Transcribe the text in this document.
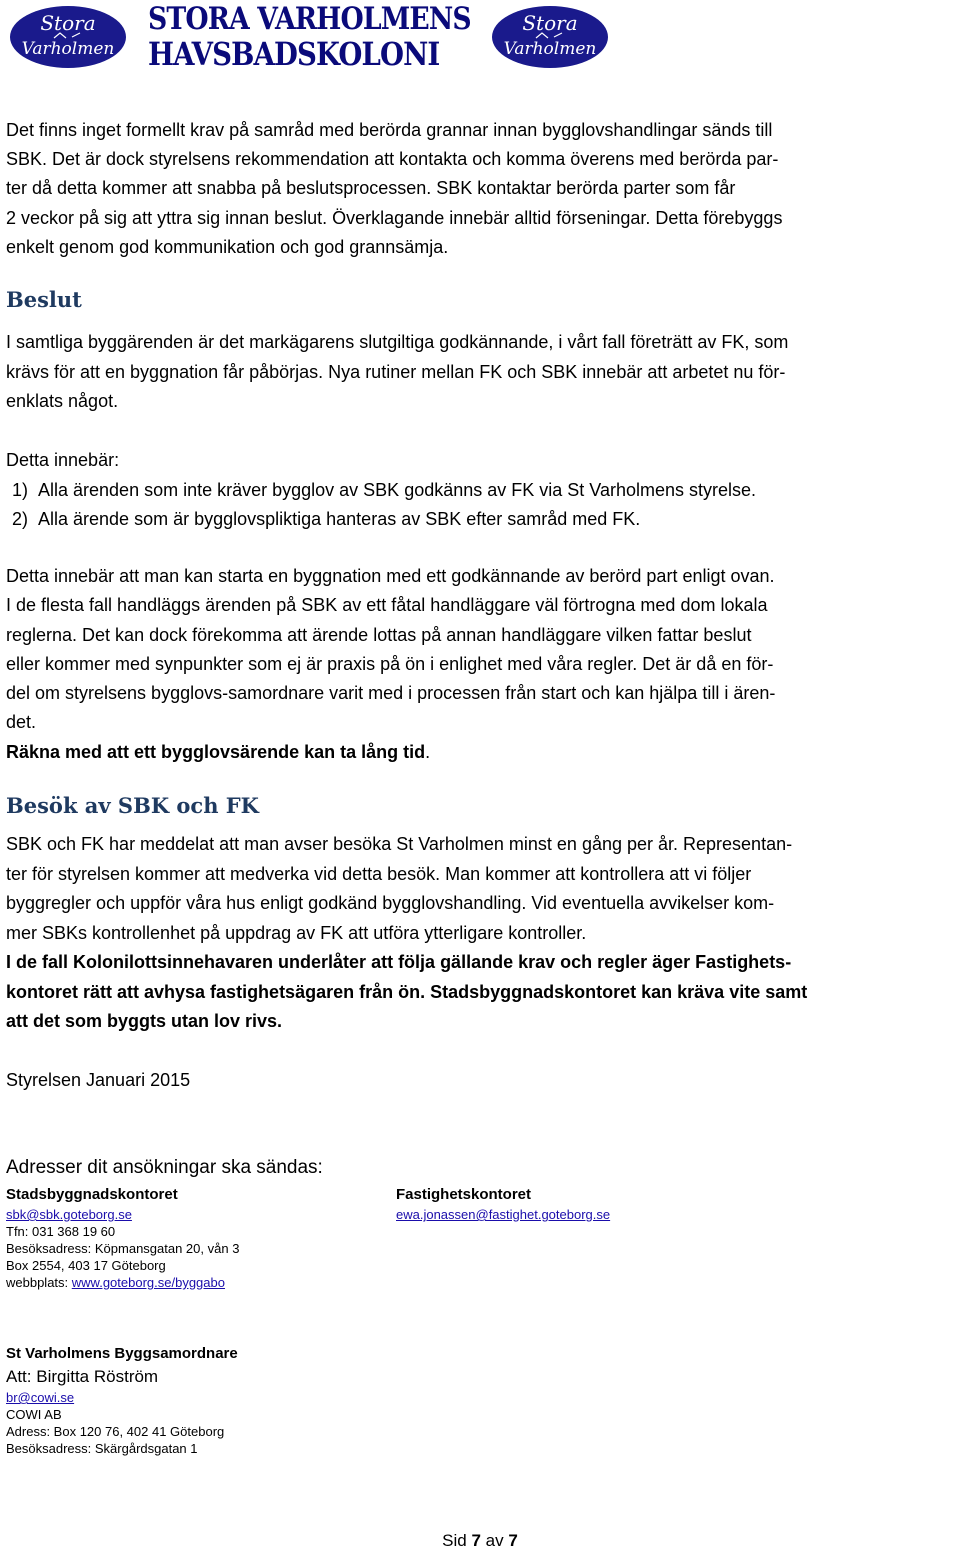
Stora
Varholmen
STORA VARHOLMENS
HAVSBADSKOLONI
Stora
Varholmen

Det finns inget formellt krav på samråd med berörda grannar innan bygglovshandlingar sänds till

SBK. Det är dock styrelsens rekommendation att kontakta och komma överens med berörda par-

ter då detta kommer att snabba på beslutsprocessen. SBK kontaktar berörda parter som får

2 veckor på sig att yttra sig innan beslut. Överklagande innebär alltid förseningar. Detta förebyggs

enkelt genom god kommunikation och god grannsämja.

Beslut

I samtliga byggärenden är det markägarens slutgiltiga godkännande, i vårt fall företrätt av FK, som

krävs för att en byggnation får påbörjas. Nya rutiner mellan FK och SBK innebär att arbetet nu för-

enklats något.

Detta innebär:

1) Alla ärenden som inte kräver bygglov av SBK godkänns av FK via St Varholmens styrelse.
2) Alla ärende som är bygglovspliktiga hanteras av SBK efter samråd med FK.

Detta innebär att man kan starta en byggnation med ett godkännande av berörd part enligt ovan.

I de flesta fall handläggs ärenden på SBK av ett fåtal handläggare väl förtrogna med dom lokala

reglerna. Det kan dock förekomma att ärende lottas på annan handläggare vilken fattar beslut

eller kommer med synpunkter som ej är praxis på ön i enlighet med våra regler. Det är då en för-

del om styrelsens bygglovs-samordnare varit med i processen från start och kan hjälpa till i ären-

det.

Räkna med att ett bygglovsärende kan ta lång tid.

Besök av SBK och FK

SBK och FK har meddelat att man avser besöka St Varholmen minst en gång per år. Representan-

ter för styrelsen kommer att medverka vid detta besök. Man kommer att kontrollera att vi följer

byggregler och uppför våra hus enligt godkänd bygglovshandling. Vid eventuella avvikelser kom-

mer SBKs kontrollenhet på uppdrag av FK att utföra ytterligare kontroller.

I de fall Kolonilottsinnehavaren underlåter att följa gällande krav och regler äger Fastighets-

kontoret rätt att avhysa fastighetsägaren från ön. Stadsbyggnadskontoret kan kräva vite samt

att det som byggts utan lov rivs.

Styrelsen Januari 2015
Adresser dit ansökningar ska sändas:
Stadsbyggnadskontoret
sbk@sbk.goteborg.se
Tfn: 031 368 19 60
Besöksadress: Köpmansgatan 20, vån 3
Box 2554, 403 17 Göteborg
webbplats: www.goteborg.se/byggabo
Fastighetskontoret
ewa.jonassen@fastighet.goteborg.se
St Varholmens Byggsamordnare
Att: Birgitta Röström
br@cowi.se
COWI AB
Adress: Box 120 76, 402 41 Göteborg
Besöksadress: Skärgårdsgatan 1
Sid 7 av 7
